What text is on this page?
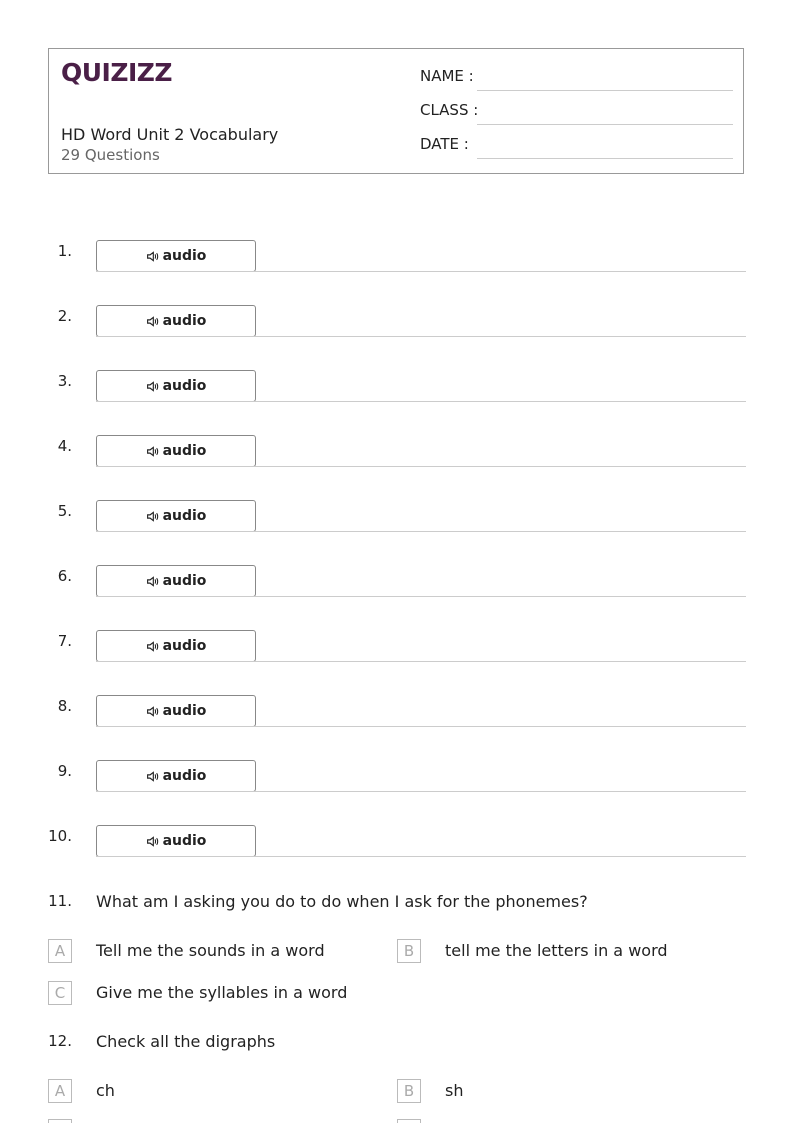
QUIZIZZ
HD Word Unit 2 Vocabulary
29 Questions
NAME :
CLASS :
DATE :
1.	audio
2.	audio
3.	audio
4.	audio
5.	audio
6.	audio
7.	audio
8.	audio
9.	audio
10.	audio
11. What am I asking you do to do when I ask for the phonemes?
A	Tell me the sounds in a word	B	tell me the letters in a word
C	Give me the syllables in a word
12. Check all the digraphs
A	ch	B	sh
